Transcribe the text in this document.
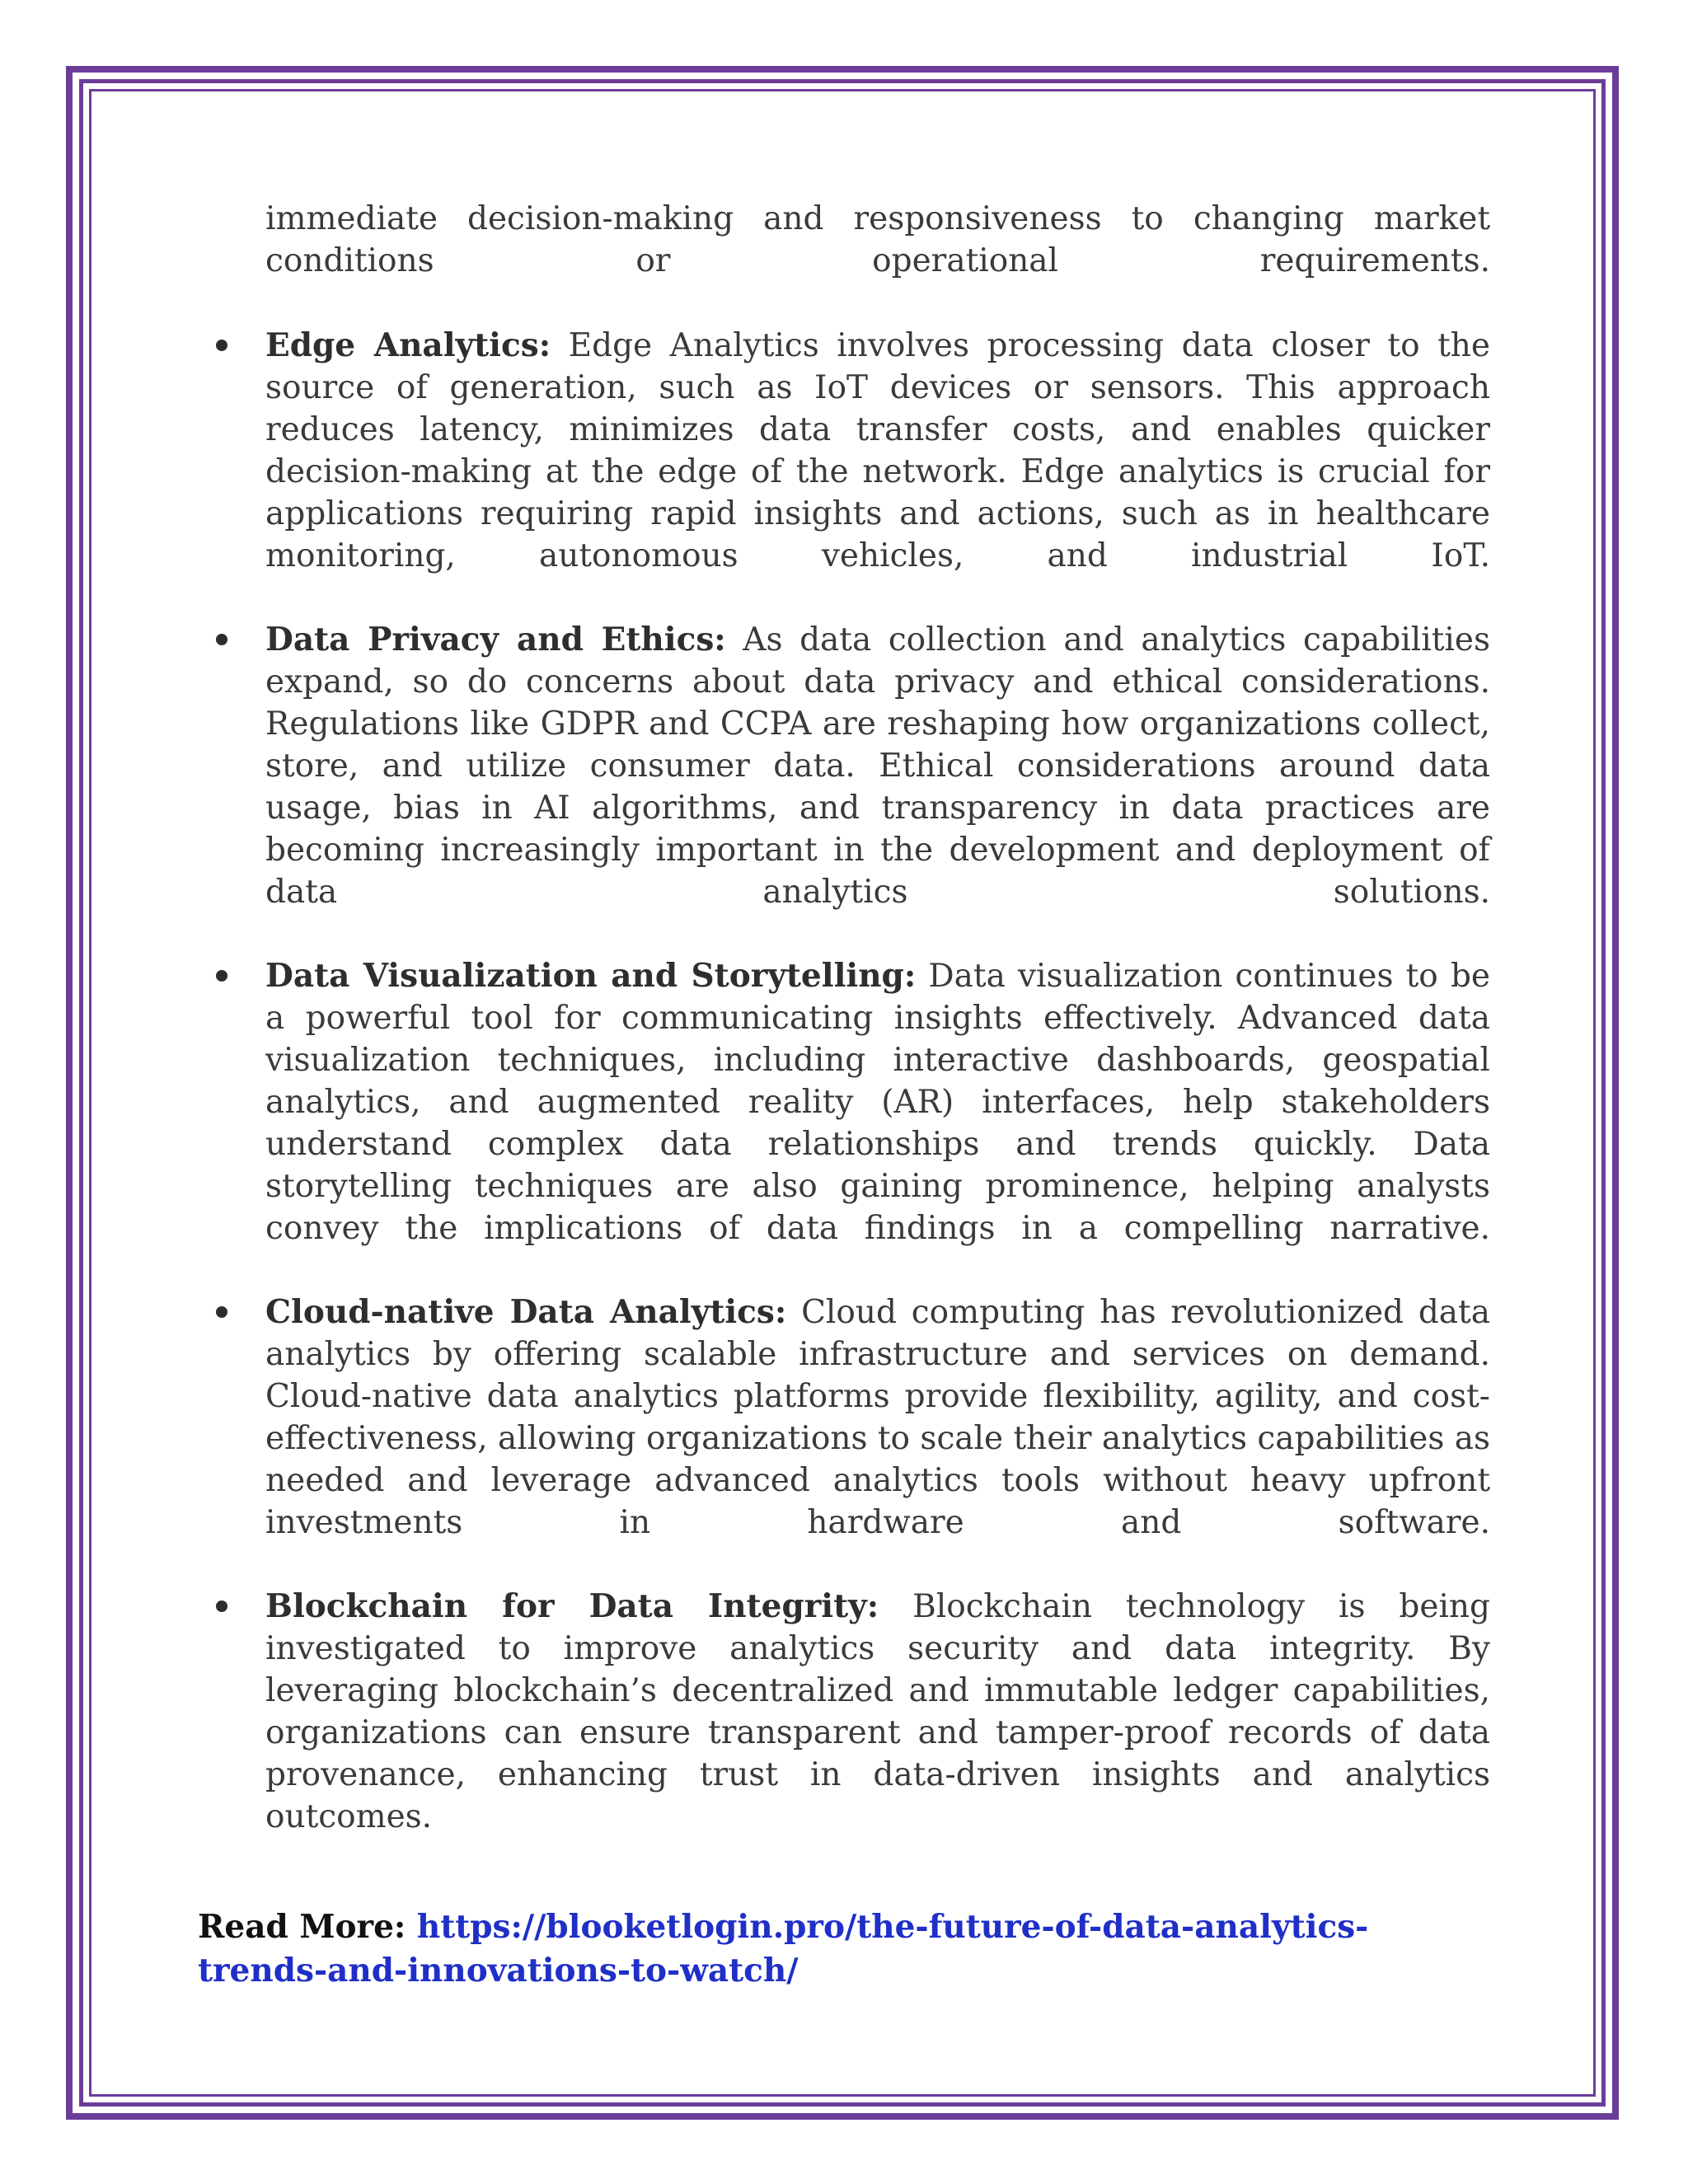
immediate decision-making and responsiveness to changing market conditions or operational requirements.

Edge Analytics: Edge Analytics involves processing data closer to the source of generation, such as IoT devices or sensors. This approach reduces latency, minimizes data transfer costs, and enables quicker decision-making at the edge of the network. Edge analytics is crucial for applications requiring rapid insights and actions, such as in healthcare monitoring, autonomous vehicles, and industrial IoT.

Data Privacy and Ethics: As data collection and analytics capabilities expand, so do concerns about data privacy and ethical considerations. Regulations like GDPR and CCPA are reshaping how organizations collect, store, and utilize consumer data. Ethical considerations around data usage, bias in AI algorithms, and transparency in data practices are becoming increasingly important in the development and deployment of data analytics solutions.

Data Visualization and Storytelling: Data visualization continues to be a powerful tool for communicating insights effectively. Advanced data visualization techniques, including interactive dashboards, geospatial analytics, and augmented reality (AR) interfaces, help stakeholders understand complex data relationships and trends quickly. Data storytelling techniques are also gaining prominence, helping analysts convey the implications of data findings in a compelling narrative.

Cloud-native Data Analytics: Cloud computing has revolutionized data analytics by offering scalable infrastructure and services on demand. Cloud-native data analytics platforms provide flexibility, agility, and cost-effectiveness, allowing organizations to scale their analytics capabilities as needed and leverage advanced analytics tools without heavy upfront investments in hardware and software.

Blockchain for Data Integrity: Blockchain technology is being investigated to improve analytics security and data integrity. By leveraging blockchain’s decentralized and immutable ledger capabilities, organizations can ensure transparent and tamper-proof records of data provenance, enhancing trust in data-driven insights and analytics outcomes.

Read More: https://blooketlogin.pro/the-future-of-data-analytics-trends-and-innovations-to-watch/
